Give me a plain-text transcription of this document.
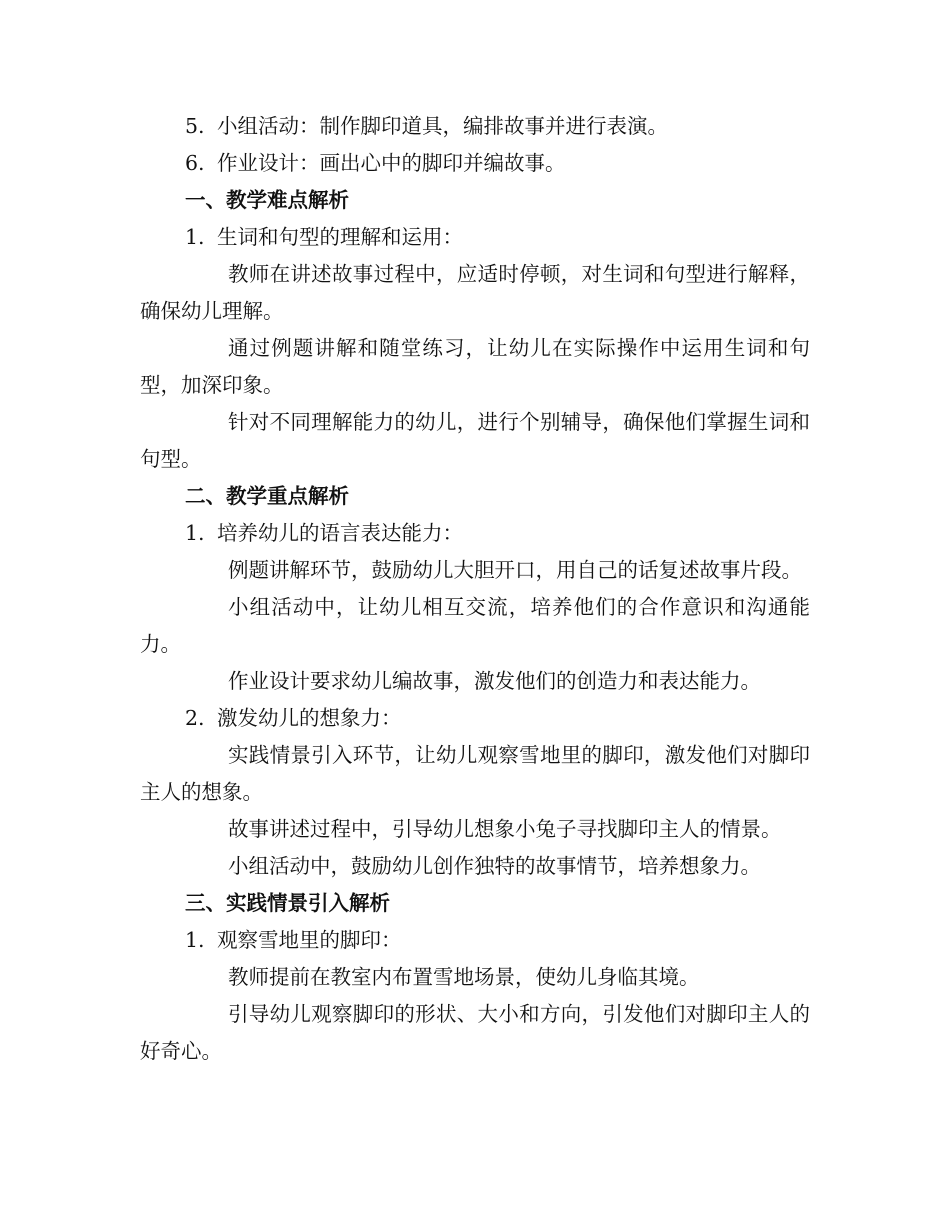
5. 小组活动：制作脚印道具，编排故事并进行表演。

6. 作业设计：画出心中的脚印并编故事。

一、教学难点解析

1. 生词和句型的理解和运用：

教师在讲述故事过程中，应适时停顿，对生词和句型进行解释，确保幼儿理解。

通过例题讲解和随堂练习，让幼儿在实际操作中运用生词和句型，加深印象。

针对不同理解能力的幼儿，进行个别辅导，确保他们掌握生词和句型。

二、教学重点解析

1. 培养幼儿的语言表达能力：

例题讲解环节，鼓励幼儿大胆开口，用自己的话复述故事片段。

小组活动中，让幼儿相互交流，培养他们的合作意识和沟通能力。

作业设计要求幼儿编故事，激发他们的创造力和表达能力。

2. 激发幼儿的想象力：

实践情景引入环节，让幼儿观察雪地里的脚印，激发他们对脚印主人的想象。

故事讲述过程中，引导幼儿想象小兔子寻找脚印主人的情景。

小组活动中，鼓励幼儿创作独特的故事情节，培养想象力。

三、实践情景引入解析

1. 观察雪地里的脚印：

教师提前在教室内布置雪地场景，使幼儿身临其境。

引导幼儿观察脚印的形状、大小和方向，引发他们对脚印主人的好奇心。
